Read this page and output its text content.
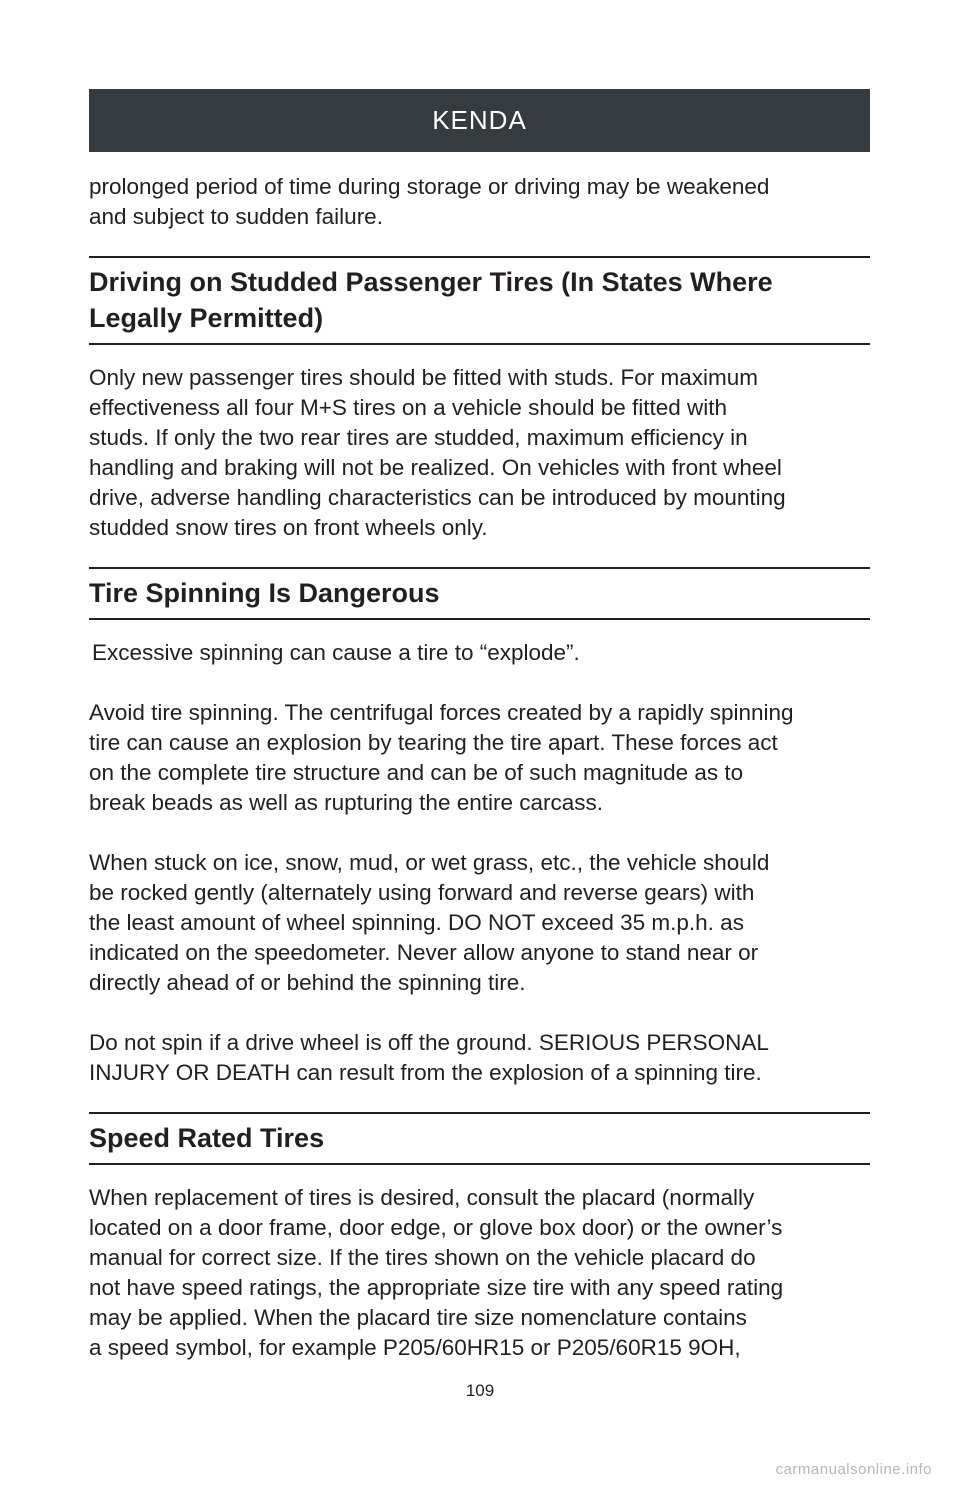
KENDA

prolonged period of time during storage or driving may be weakened
and subject to sudden failure.

Driving on Studded Passenger Tires (In States Where
Legally Permitted)

Only new passenger tires should be fitted with studs. For maximum
effectiveness all four M+S tires on a vehicle should be fitted with
studs. If only the two rear tires are studded, maximum efficiency in
handling and braking will not be realized. On vehicles with front wheel
drive, adverse handling characteristics can be introduced by mounting
studded snow tires on front wheels only.

Tire Spinning Is Dangerous

Excessive spinning can cause a tire to “explode”.

Avoid tire spinning. The centrifugal forces created by a rapidly spinning
tire can cause an explosion by tearing the tire apart. These forces act
on the complete tire structure and can be of such magnitude as to
break beads as well as rupturing the entire carcass.

When stuck on ice, snow, mud, or wet grass, etc., the vehicle should
be rocked gently (alternately using forward and reverse gears) with
the least amount of wheel spinning. DO NOT exceed 35 m.p.h. as
indicated on the speedometer. Never allow anyone to stand near or
directly ahead of or behind the spinning tire.

Do not spin if a drive wheel is off the ground. SERIOUS PERSONAL
INJURY OR DEATH can result from the explosion of a spinning tire.

Speed Rated Tires

When replacement of tires is desired, consult the placard (normally
located on a door frame, door edge, or glove box door) or the owner’s
manual for correct size. If the tires shown on the vehicle placard do
not have speed ratings, the appropriate size tire with any speed rating
may be applied. When the placard tire size nomenclature contains
a speed symbol, for example P205/60HR15 or P205/60R15 9OH,

109
carmanualsonline.info
